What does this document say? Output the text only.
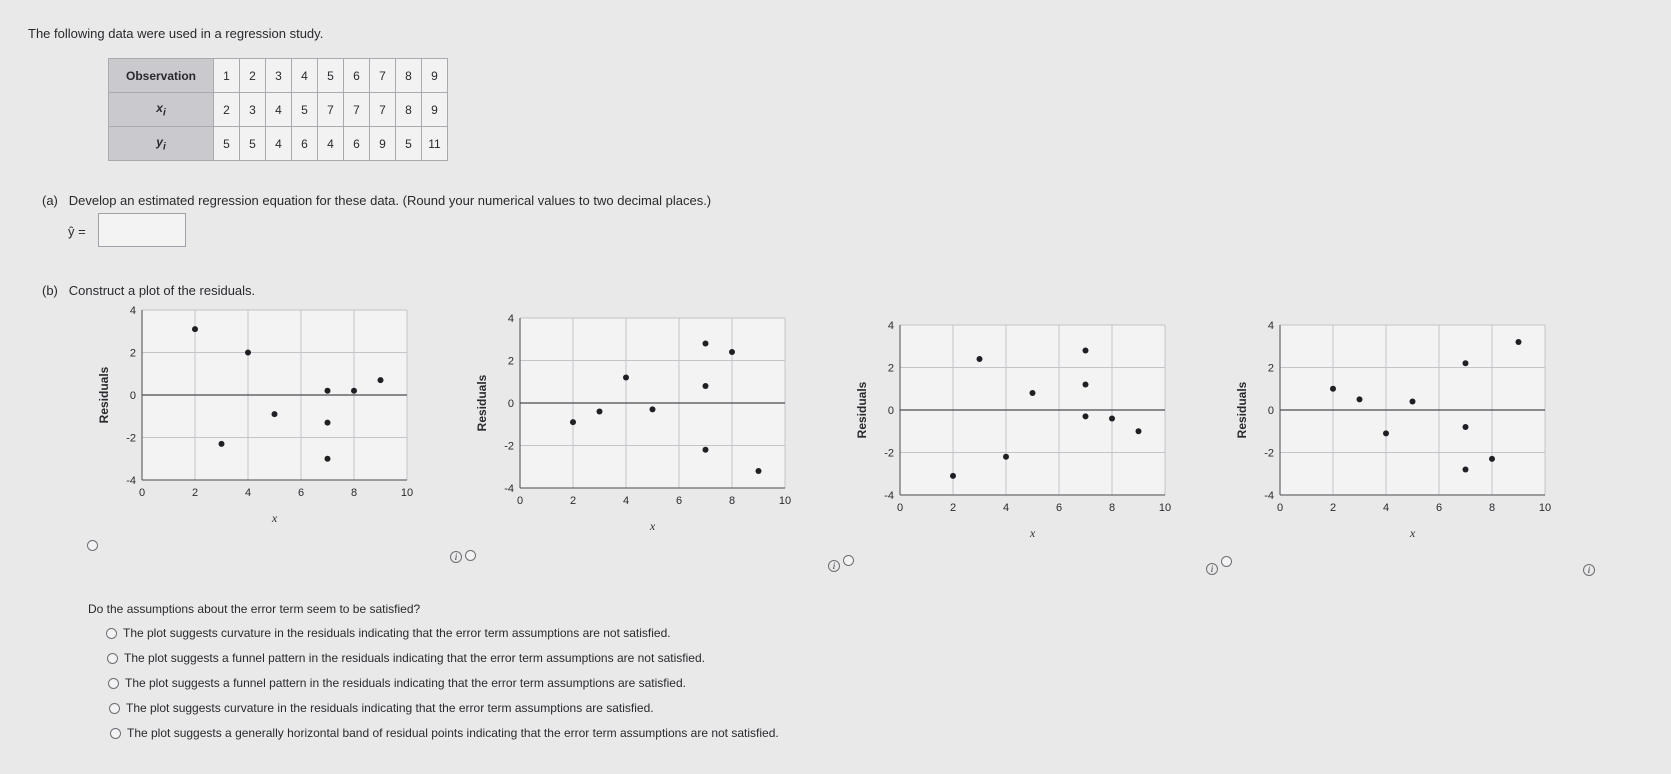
The following data were used in a regression study.
Observation	1	2	3	4	5	6	7	8	9
$x_i$	2	3	4	5	7	7	7	8	9
$y_i$	5	5	4	6	4	6	9	5	11
(a) Develop an estimated regression equation for these data. (Round your numerical values to two decimal places.)
ŷ =
(b) Construct a plot of the residuals.
4
2
0
-2
-4
0	2	4	6	8	10
x
Residuals
4
2
0
-2
-4
0	2	4	6	8	10
x
Residuals
4
2
0
-2
-4
0	2	4	6	8	10
x
Residuals
4
2
0
-2
-4
0	2	4	6	8	10
x
Residuals
i
i	i	i
Do the assumptions about the error term seem to be satisfied?
The plot suggests curvature in the residuals indicating that the error term assumptions are not satisfied.
The plot suggests a funnel pattern in the residuals indicating that the error term assumptions are not satisfied.
The plot suggests a funnel pattern in the residuals indicating that the error term assumptions are satisfied.
The plot suggests curvature in the residuals indicating that the error term assumptions are satisfied.
The plot suggests a generally horizontal band of residual points indicating that the error term assumptions are not satisfied.
